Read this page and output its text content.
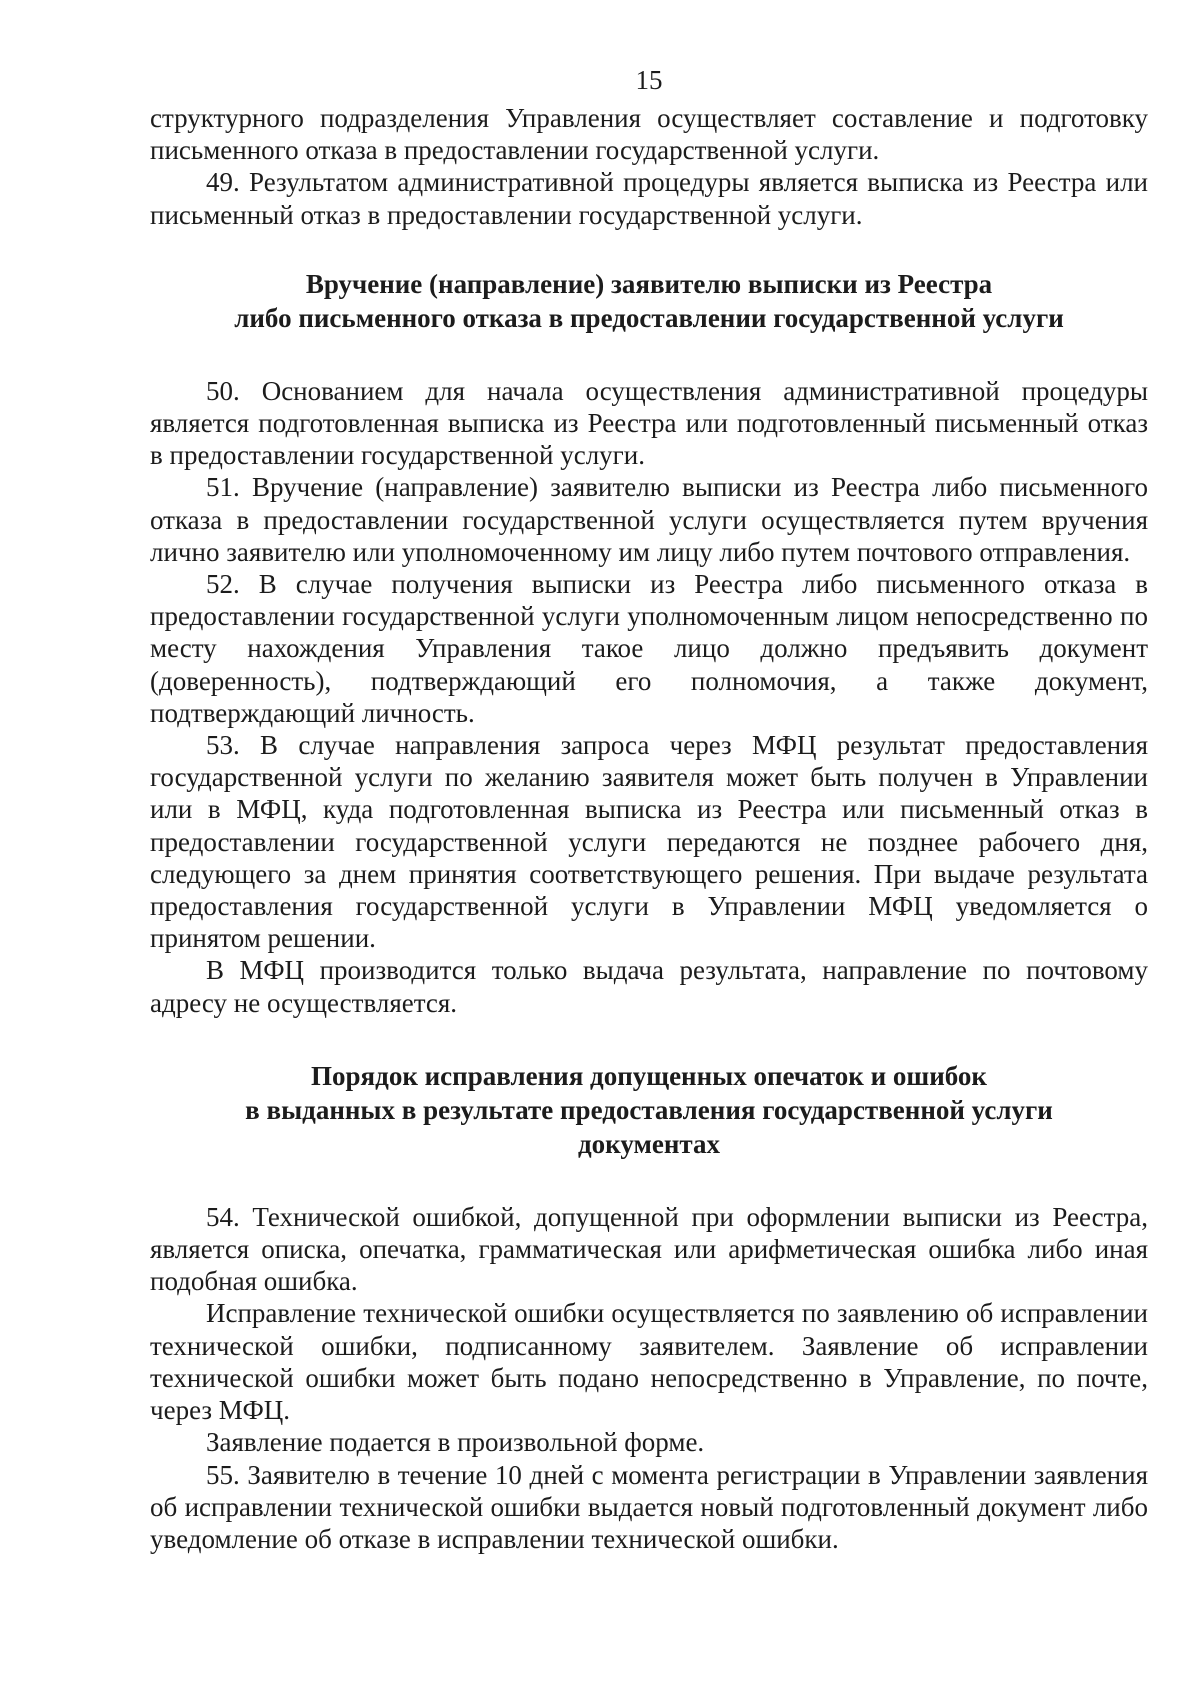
15

структурного подразделения Управления осуществляет составление и подготовку письменного отказа в предоставлении государственной услуги.

49. Результатом административной процедуры является выписка из Реестра или письменный отказ в предоставлении государственной услуги.

Вручение (направление) заявителю выписки из Реестра
либо письменного отказа в предоставлении государственной услуги

50. Основанием для начала осуществления административной процедуры является подготовленная выписка из Реестра или подготовленный письменный отказ в предоставлении государственной услуги.

51. Вручение (направление) заявителю выписки из Реестра либо письменного отказа в предоставлении государственной услуги осуществляется путем вручения лично заявителю или уполномоченному им лицу либо путем почтового отправления.

52. В случае получения выписки из Реестра либо письменного отказа в предоставлении государственной услуги уполномоченным лицом непосредственно по месту нахождения Управления такое лицо должно предъявить документ (доверенность), подтверждающий его полномочия, а также документ, подтверждающий личность.

53. В случае направления запроса через МФЦ результат предоставления государственной услуги по желанию заявителя может быть получен в Управлении или в МФЦ, куда подготовленная выписка из Реестра или письменный отказ в предоставлении государственной услуги передаются не позднее рабочего дня, следующего за днем принятия соответствующего решения. При выдаче результата предоставления государственной услуги в Управлении МФЦ уведомляется о принятом решении.

В МФЦ производится только выдача результата, направление по почтовому адресу не осуществляется.

Порядок исправления допущенных опечаток и ошибок
в выданных в результате предоставления государственной услуги
документах

54. Технической ошибкой, допущенной при оформлении выписки из Реестра, является описка, опечатка, грамматическая или арифметическая ошибка либо иная подобная ошибка.

Исправление технической ошибки осуществляется по заявлению об исправлении технической ошибки, подписанному заявителем. Заявление об исправлении технической ошибки может быть подано непосредственно в Управление, по почте, через МФЦ.

Заявление подается в произвольной форме.

55. Заявителю в течение 10 дней с момента регистрации в Управлении заявления об исправлении технической ошибки выдается новый подготовленный документ либо уведомление об отказе в исправлении технической ошибки.
